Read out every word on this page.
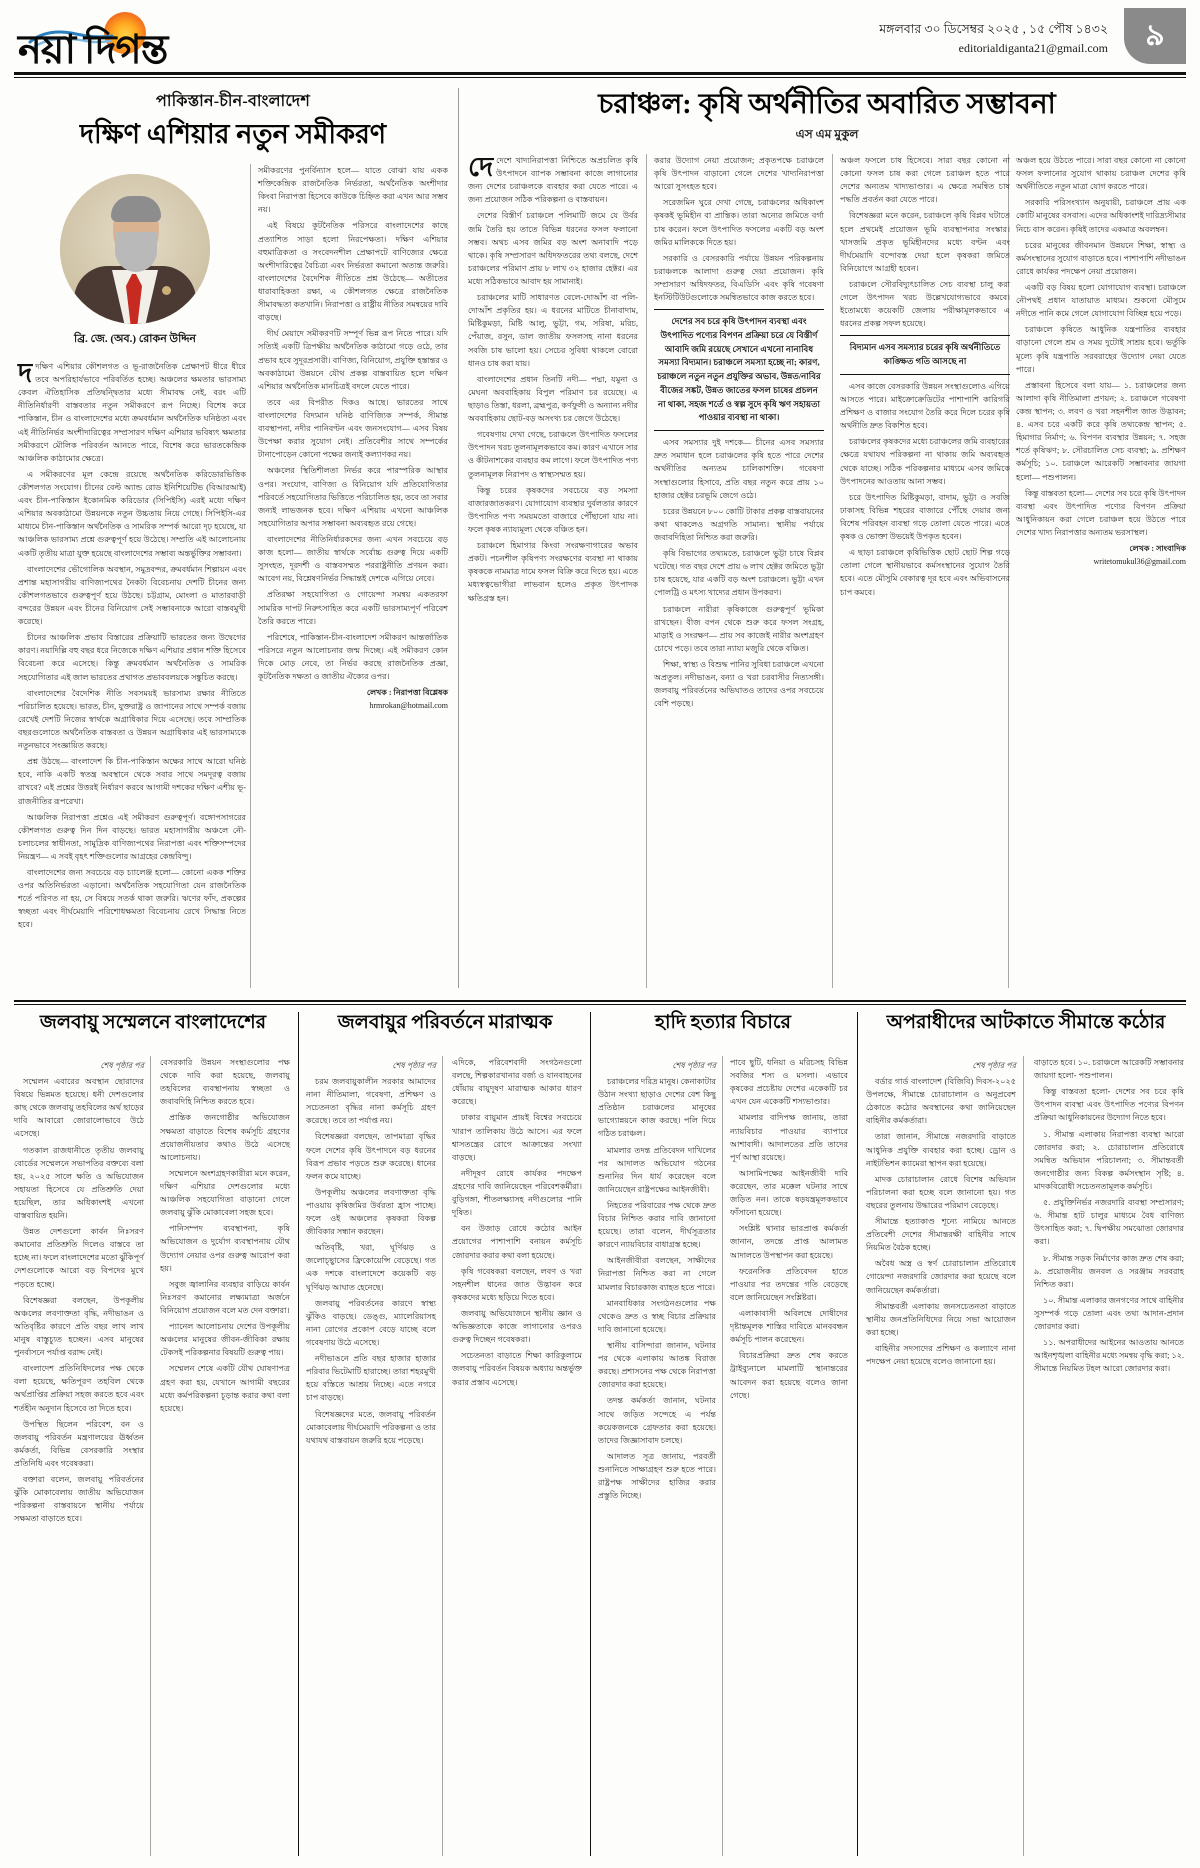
নয়া দিগন্ত	মঙ্গলবার ৩০ ডিসেম্বর ২০২৫ , ১৫ পৌষ ১৪৩২
editorialdiganta21@gmail.com	৯
পাকিস্তান-চীন-বাংলাদেশ
দক্ষিণ এশিয়ার নতুন সমীকরণ
ব্রি. জে. (অব.) রোকন উদ্দিন

দদক্ষিণ এশিয়ার কৌশলগত ও ভূ-রাজনৈতিক প্রেক্ষাপট ধীরে ধীরে তবে অপরিহার্যভাবে পরিবর্তিত হচ্ছে। অঞ্চলের ক্ষমতার ভারসাম্য কেবল ঐতিহাসিক প্রতিদ্বন্দ্বিতার মধ্যে সীমাবদ্ধ নেই, বরং এটি নীতিনির্ধারণী বাস্তবতার নতুন সমীকরণে রূপ নিচ্ছে। বিশেষ করে পাকিস্তান, চীন ও বাংলাদেশের মধ্যে ক্রমবর্ধমান অর্থনৈতিক ঘনিষ্ঠতা এবং এই নীতিনির্ভর অংশীদারিত্বের সম্প্রসারণ দক্ষিণ এশিয়ার ভবিষ্যৎ ক্ষমতার সমীকরণে মৌলিক পরিবর্তন আনতে পারে, বিশেষ করে ভারতকেন্দ্রিক আঞ্চলিক কাঠামোর ক্ষেত্রে।

এ সমীকরণের মূল কেন্দ্রে রয়েছে অর্থনৈতিক করিডোরভিত্তিক কৌশলগত সংযোগ। চীনের বেল্ট অ্যান্ড রোড ইনিশিয়েটিভ (বিআরআই) এবং চীন-পাকিস্তান ইকোনমিক করিডোর (সিপিইসি) এরই মধ্যে দক্ষিণ এশিয়ার অবকাঠামো উন্নয়নকে নতুন উচ্চতায় নিয়ে গেছে। সিপিইসি-এর মাধ্যমে চীন-পাকিস্তান অর্থনৈতিক ও সামরিক সম্পর্ক আরো দৃঢ় হয়েছে, যা আঞ্চলিক ভারসাম্য প্রশ্নে গুরুত্বপূর্ণ হয়ে উঠেছে। সম্প্রতি এই আলোচনায় একটি তৃতীয় মাত্রা যুক্ত হয়েছে বাংলাদেশের সম্ভাব্য অন্তর্ভুক্তির সম্ভাবনা।

বাংলাদেশের ভৌগোলিক অবস্থান, সমুদ্রবন্দর, ক্রমবর্ধমান শিল্পায়ন এবং প্রশান্ত মহাসাগরীয় বাণিজ্যপথের নৈকট্য বিবেচনায় দেশটি চীনের জন্য কৌশলগতভাবে গুরুত্বপূর্ণ হয়ে উঠছে। চট্টগ্রাম, মোংলা ও মাতারবাড়ী বন্দরের উন্নয়ন এবং চীনের বিনিয়োগ সেই সম্ভাবনাকে আরো বাস্তবমুখী করেছে।

চীনের আঞ্চলিক প্রভাব বিস্তারের প্রক্রিয়াটি ভারতের জন্য উদ্বেগের কারণ। নয়াদিল্লি বহু বছর ধরে নিজেকে দক্ষিণ এশিয়ার প্রধান শক্তি হিসেবে বিবেচনা করে এসেছে। কিন্তু ক্রমবর্ধমান অর্থনৈতিক ও সামরিক সহযোগিতার এই জাল ভারতের প্রথাগত প্রভাববলয়কে সঙ্কুচিত করছে।

বাংলাদেশের বৈদেশিক নীতি সবসময়ই ভারসাম্য রক্ষার নীতিতে পরিচালিত হয়েছে। ভারত, চীন, যুক্তরাষ্ট্র ও জাপানের সাথে সম্পর্ক বজায় রেখেই দেশটি নিজের স্বার্থকে অগ্রাধিকার দিয়ে এসেছে। তবে সাম্প্রতিক বছরগুলোতে অর্থনৈতিক বাস্তবতা ও উন্নয়ন অগ্রাধিকার এই ভারসাম্যকে নতুনভাবে সংজ্ঞায়িত করছে।

প্রশ্ন উঠছে— বাংলাদেশ কি চীন-পাকিস্তান অক্ষের সাথে আরো ঘনিষ্ঠ হবে, নাকি একটি স্বতন্ত্র অবস্থানে থেকে সবার সাথে সমদূরত্ব বজায় রাখবে? এই প্রশ্নের উত্তরই নির্ধারণ করবে আগামী দশকের দক্ষিণ এশীয় ভূ-রাজনীতির রূপরেখা।

আঞ্চলিক নিরাপত্তা প্রশ্নেও এই সমীকরণ গুরুত্বপূর্ণ। বঙ্গোপসাগরের কৌশলগত গুরুত্ব দিন দিন বাড়ছে। ভারত মহাসাগরীয় অঞ্চলে নৌ-চলাচলের স্বাধীনতা, সামুদ্রিক বাণিজ্যপথের নিরাপত্তা এবং শক্তিসম্পদের নিয়ন্ত্রণ— এ সবই বৃহৎ শক্তিগুলোর আগ্রহের কেন্দ্রবিন্দু।

বাংলাদেশের জন্য সবচেয়ে বড় চ্যালেঞ্জ হলো— কোনো একক শক্তির ওপর অতিনির্ভরতা এড়ানো। অর্থনৈতিক সহযোগিতা যেন রাজনৈতিক শর্তে পরিণত না হয়, সে বিষয়ে সতর্ক থাকা জরুরি। ঋণের ফাঁদ, প্রকল্পের স্বচ্ছতা এবং দীর্ঘমেয়াদি পরিশোধক্ষমতা বিবেচনায় রেখে সিদ্ধান্ত নিতে হবে।

সমীকরণের পুনর্বিন্যাস হলে— যাতে বোঝা যায় একক শক্তিকেন্দ্রিক রাজনৈতিক নির্ভরতা, অর্থনৈতিক অংশীদার কিংবা নিরাপত্তা হিসেবে কাউকে চিহ্নিত করা এখন আর সম্ভব নয়।

এই বিষয়ে কূটনৈতিক পরিসরে বাংলাদেশের কাছে প্রত্যাশিত সাড়া হলো নিরপেক্ষতা। দক্ষিণ এশিয়ার বহুমাত্রিকতা ও সংবেদনশীল প্রেক্ষাপটে বাণিজ্যের ক্ষেত্রে অংশীদারিত্বের বৈচিত্র্য এবং নির্ভরতা কমানো অত্যন্ত জরুরি। বাংলাদেশের বৈদেশিক নীতিতে প্রশ্ন উঠেছে— অতীতের ধারাবাহিকতা রক্ষা, এ কৌশলগত ক্ষেত্রে রাজনৈতিক সীমাবদ্ধতা কতখানি। নিরাপত্তা ও রাষ্ট্রীয় নীতির সমন্বয়ের দাবি বাড়ছে।

দীর্ঘ মেয়াদে সমীকরণটি সম্পূর্ণ ভিন্ন রূপ নিতে পারে। যদি সত্যিই একটি ত্রিপক্ষীয় অর্থনৈতিক কাঠামো গড়ে ওঠে, তার প্রভাব হবে সুদূরপ্রসারী। বাণিজ্য, বিনিয়োগ, প্রযুক্তি হস্তান্তর ও অবকাঠামো উন্নয়নে যৌথ প্রকল্প বাস্তবায়িত হলে দক্ষিণ এশিয়ার অর্থনৈতিক মানচিত্রই বদলে যেতে পারে।

তবে এর বিপরীত দিকও আছে। ভারতের সাথে বাংলাদেশের বিদ্যমান ঘনিষ্ঠ বাণিজ্যিক সম্পর্ক, সীমান্ত ব্যবস্থাপনা, নদীর পানিবণ্টন এবং জনসংযোগ— এসব বিষয় উপেক্ষা করার সুযোগ নেই। প্রতিবেশীর সাথে সম্পর্কের টানাপোড়েন কোনো পক্ষের জন্যই কল্যাণকর নয়।

অঞ্চলের স্থিতিশীলতা নির্ভর করে পারস্পরিক আস্থার ওপর। সংযোগ, বাণিজ্য ও বিনিয়োগ যদি প্রতিযোগিতার পরিবর্তে সহযোগিতার ভিত্তিতে পরিচালিত হয়, তবে তা সবার জন্যই লাভজনক হবে। দক্ষিণ এশিয়ায় এখনো আঞ্চলিক সহযোগিতার অপার সম্ভাবনা অব্যবহৃত রয়ে গেছে।

বাংলাদেশের নীতিনির্ধারকদের জন্য এখন সবচেয়ে বড় কাজ হলো— জাতীয় স্বার্থকে সর্বোচ্চ গুরুত্ব দিয়ে একটি সুসংহত, দূরদর্শী ও বাস্তবসম্মত পররাষ্ট্রনীতি প্রণয়ন করা। আবেগ নয়, বিশ্লেষণনির্ভর সিদ্ধান্তই দেশকে এগিয়ে নেবে।

প্রতিরক্ষা সহযোগিতা ও গোয়েন্দা সমন্বয় একতরফা সামরিক দাপট নিরুৎসাহিত করে একটি ভারসাম্যপূর্ণ পরিবেশ তৈরি করতে পারে।

পরিশেষে, পাকিস্তান-চীন-বাংলাদেশ সমীকরণ আন্তর্জাতিক পরিসরে নতুন আলোচনার জন্ম দিচ্ছে। এই সমীকরণ কোন দিকে মোড় নেবে, তা নির্ভর করছে রাজনৈতিক প্রজ্ঞা, কূটনৈতিক দক্ষতা ও জাতীয় ঐক্যের ওপর।

লেখক : নিরাপত্তা বিশ্লেষক
hrmrokan@hotmail.com
চরাঞ্চল: কৃষি অর্থনীতির অবারিত সম্ভাবনা
এস এম মুকুল

দেদেশে খাদ্যনিরাপত্তা নিশ্চিতে অপ্রচলিত কৃষি উৎপাদনে ব্যাপক সম্ভাবনা কাজে লাগানোর জন্য দেশের চরাঞ্চলকে ব্যবহার করা যেতে পারে। এ জন্য প্রয়োজন সঠিক পরিকল্পনা ও বাস্তবায়ন।

দেশের বিস্তীর্ণ চরাঞ্চলে পলিমাটি জমে যে উর্বর জমি তৈরি হয় তাতে বিভিন্ন ধরনের ফসল ফলানো সম্ভব। অথচ এসব জমির বড় অংশ অনাবাদি পড়ে থাকে। কৃষি সম্প্রসারণ অধিদফতরের তথ্য বলছে, দেশে চরাঞ্চলের পরিমাণ প্রায় ৮ লাখ ৩২ হাজার হেক্টর। এর মধ্যে সঠিকভাবে আবাদ হয় সামান্যই।

চরাঞ্চলের মাটি সাধারণত বেলে-দোআঁশ বা পলি-দোআঁশ প্রকৃতির হয়। এ ধরনের মাটিতে চীনাবাদাম, মিষ্টিকুমড়া, মিষ্টি আলু, ভুট্টা, গম, সরিষা, মরিচ, পেঁয়াজ, রসুন, ডাল জাতীয় ফসলসহ নানা ধরনের সবজি চাষ ভালো হয়। সেচের সুবিধা থাকলে বোরো ধানও চাষ করা যায়।

বাংলাদেশের প্রধান তিনটি নদী— পদ্মা, যমুনা ও মেঘনা অববাহিকায় বিপুল পরিমাণ চর রয়েছে। এ ছাড়াও তিস্তা, ধরলা, ব্রহ্মপুত্র, কর্ণফুলী ও অন্যান্য নদীর অববাহিকায় ছোট-বড় অসংখ্য চর জেগে উঠেছে।

গবেষণায় দেখা গেছে, চরাঞ্চলে উৎপাদিত ফসলের উৎপাদন খরচ তুলনামূলকভাবে কম। কারণ এখানে সার ও কীটনাশকের ব্যবহার কম লাগে। ফলে উৎপাদিত পণ্য তুলনামূলক নিরাপদ ও স্বাস্থ্যসম্মত হয়।

কিন্তু চরের কৃষকদের সবচেয়ে বড় সমস্যা বাজারজাতকরণ। যোগাযোগ ব্যবস্থার দুর্বলতার কারণে উৎপাদিত পণ্য সময়মতো বাজারে পৌঁছানো যায় না। ফলে কৃষক ন্যায্যমূল্য থেকে বঞ্চিত হন।

চরাঞ্চলে হিমাগার কিংবা সংরক্ষণাগারের অভাব প্রকট। পচনশীল কৃষিপণ্য সংরক্ষণের ব্যবস্থা না থাকায় কৃষককে নামমাত্র দামে ফসল বিক্রি করে দিতে হয়। এতে মধ্যস্বত্বভোগীরা লাভবান হলেও প্রকৃত উৎপাদক ক্ষতিগ্রস্ত হন।

করার উদ্যোগ নেয়া প্রয়োজন; প্রকৃতপক্ষে চরাঞ্চলে কৃষি উৎপাদন বাড়ানো গেলে দেশের খাদ্যনিরাপত্তা আরো সুসংহত হবে।

সরেজমিন ঘুরে দেখা গেছে, চরাঞ্চলের অধিকাংশ কৃষকই ভূমিহীন বা প্রান্তিক। তারা অন্যের জমিতে বর্গা চাষ করেন। ফলে উৎপাদিত ফসলের একটি বড় অংশ জমির মালিককে দিতে হয়।

সরকারি ও বেসরকারি পর্যায়ে উন্নয়ন পরিকল্পনায় চরাঞ্চলকে আলাদা গুরুত্ব দেয়া প্রয়োজন। কৃষি সম্প্রসারণ অধিদফতর, বিএডিসি এবং কৃষি গবেষণা ইনস্টিটিউটগুলোকে সমন্বিতভাবে কাজ করতে হবে।

দেশের সব চরে কৃষি উৎপাদন ব্যবস্থা এবং উৎপাদিত পণ্যের বিপণন প্রক্রিয়া চরে যে বিস্তীর্ণ আবাদি জমি রয়েছে সেখানে এখনো নানাবিধ সমস্যা বিদ্যমান। চরাঞ্চলে সমস্যা হচ্ছে না; কারণ, চরাঞ্চলে নতুন নতুন প্রযুক্তির অভাব, উন্নত/নাবির বীজের সঙ্কট, উন্নত জাতের ফসল চাষের প্রচলন না থাকা, সহজ শর্তে ও স্বল্প সুদে কৃষি ঋণ সহায়তা পাওয়ার ব্যবস্থা না থাকা।

এসব সমস্যার দুই দশকে— চীনের এসব সমস্যার দ্রুত সমাধান হলে চরাঞ্চলের কৃষি হতে পারে দেশের অর্থনীতির অন্যতম চালিকাশক্তি। গবেষণা সংস্থাগুলোর হিসাবে, প্রতি বছর নতুন করে প্রায় ১০ হাজার হেক্টর চরভূমি জেগে ওঠে।

চরের উন্নয়নে ৮০০ কোটি টাকার প্রকল্প বাস্তবায়নের কথা থাকলেও অগ্রগতি সামান্য। স্থানীয় পর্যায়ে জবাবদিহিতা নিশ্চিত করা জরুরি।

কৃষি বিভাগের তথ্যমতে, চরাঞ্চলে ভুট্টা চাষে বিপ্লব ঘটেছে। গত বছর দেশে প্রায় ৬ লাখ হেক্টর জমিতে ভুট্টা চাষ হয়েছে, যার একটি বড় অংশ চরাঞ্চলে। ভুট্টা এখন পোলট্রি ও মৎস্য খাদ্যের প্রধান উপকরণ।

চরাঞ্চলে নারীরা কৃষিকাজে গুরুত্বপূর্ণ ভূমিকা রাখছেন। বীজ বপন থেকে শুরু করে ফসল সংগ্রহ, মাড়াই ও সংরক্ষণ— প্রায় সব কাজেই নারীর অংশগ্রহণ চোখে পড়ে। তবে তারা ন্যায্য মজুরি থেকে বঞ্চিত।

শিক্ষা, স্বাস্থ্য ও বিশুদ্ধ পানির সুবিধা চরাঞ্চলে এখনো অপ্রতুল। নদীভাঙন, বন্যা ও খরা চরবাসীর নিত্যসঙ্গী। জলবায়ু পরিবর্তনের অভিঘাতও তাদের ওপর সবচেয়ে বেশি পড়ছে।

অঞ্চল ফসলে চাষ হিসেবে। সারা বছর কোনো না কোনো ফসল চাষ করা গেলে চরাঞ্চল হতে পারে দেশের অন্যতম খাদ্যভাণ্ডার। এ ক্ষেত্রে সমন্বিত চাষ পদ্ধতি প্রবর্তন করা যেতে পারে।

বিশেষজ্ঞরা মনে করেন, চরাঞ্চলে কৃষি বিপ্লব ঘটাতে হলে প্রথমেই প্রয়োজন ভূমি ব্যবস্থাপনার সংস্কার। খাসজমি প্রকৃত ভূমিহীনদের মধ্যে বণ্টন এবং দীর্ঘমেয়াদি বন্দোবস্ত দেয়া হলে কৃষকরা জমিতে বিনিয়োগে আগ্রহী হবেন।

চরাঞ্চলে সৌরবিদ্যুৎচালিত সেচ ব্যবস্থা চালু করা গেলে উৎপাদন খরচ উল্লেখযোগ্যভাবে কমবে। ইতোমধ্যে কয়েকটি জেলায় পরীক্ষামূলকভাবে এ ধরনের প্রকল্প সফল হয়েছে।

বিদ্যমান এসব সমস্যার চরের কৃষি অর্থনীতিতে কাঙ্ক্ষিত গতি আসছে না

এসব কাজে বেসরকারি উন্নয়ন সংস্থাগুলোও এগিয়ে আসতে পারে। মাইক্রোক্রেডিটের পাশাপাশি কারিগরি প্রশিক্ষণ ও বাজার সংযোগ তৈরি করে দিলে চরের কৃষি অর্থনীতি দ্রুত বিকশিত হবে।

চরাঞ্চলের কৃষকদের মধ্যে চরাঞ্চলের জমি ব্যবহারের ক্ষেত্রে যথাযথ পরিকল্পনা না থাকায় জমি অব্যবহৃত থেকে যাচ্ছে। সঠিক পরিকল্পনার মাধ্যমে এসব জমিকে উৎপাদনের আওতায় আনা সম্ভব।

চরে উৎপাদিত মিষ্টিকুমড়া, বাদাম, ভুট্টা ও সবজি ঢাকাসহ বিভিন্ন শহরের বাজারে পৌঁছে দেয়ার জন্য বিশেষ পরিবহন ব্যবস্থা গড়ে তোলা যেতে পারে। এতে কৃষক ও ভোক্তা উভয়েই উপকৃত হবেন।

এ ছাড়া চরাঞ্চলে কৃষিভিত্তিক ছোট ছোট শিল্প গড়ে তোলা গেলে স্থানীয়ভাবে কর্মসংস্থানের সুযোগ তৈরি হবে। এতে মৌসুমি বেকারত্ব দূর হবে এবং অভিবাসনের চাপ কমবে।

অঞ্চল হয়ে উঠতে পারে। সারা বছর কোনো না কোনো ফসল ফলানোর সুযোগ থাকায় চরাঞ্চল দেশের কৃষি অর্থনীতিতে নতুন মাত্রা যোগ করতে পারে।

সরকারি পরিসংখ্যান অনুযায়ী, চরাঞ্চলে প্রায় এক কোটি মানুষের বসবাস। এদের অধিকাংশই দারিদ্র্যসীমার নিচে বাস করেন। কৃষিই তাদের একমাত্র অবলম্বন।

চরের মানুষের জীবনমান উন্নয়নে শিক্ষা, স্বাস্থ্য ও কর্মসংস্থানের সুযোগ বাড়াতে হবে। পাশাপাশি নদীভাঙন রোধে কার্যকর পদক্ষেপ নেয়া প্রয়োজন।

একটি বড় বিষয় হলো যোগাযোগ ব্যবস্থা। চরাঞ্চলে নৌপথই প্রধান যাতায়াত মাধ্যম। শুকনো মৌসুমে নদীতে পানি কমে গেলে যোগাযোগ বিচ্ছিন্ন হয়ে পড়ে।

চরাঞ্চলে কৃষিতে আধুনিক যন্ত্রপাতির ব্যবহার বাড়ানো গেলে শ্রম ও সময় দুটোই সাশ্রয় হবে। ভর্তুকি মূল্যে কৃষি যন্ত্রপাতি সরবরাহের উদ্যোগ নেয়া যেতে পারে।

প্রস্তাবনা হিসেবে বলা যায়— ১. চরাঞ্চলের জন্য আলাদা কৃষি নীতিমালা প্রণয়ন; ২. চরাঞ্চলে গবেষণা কেন্দ্র স্থাপন; ৩. লবণ ও খরা সহনশীল জাত উদ্ভাবন; ৪. এসব চরে একটি করে কৃষি তথ্যকেন্দ্র স্থাপন; ৫. হিমাগার নির্মাণ; ৬. বিপণন ব্যবস্থার উন্নয়ন; ৭. সহজ শর্তে কৃষিঋণ; ৮. সৌরচালিত সেচ ব্যবস্থা; ৯. প্রশিক্ষণ কর্মসূচি; ১০. চরাঞ্চলে আরেকটি সম্ভাবনার জায়গা হলো— পশুপালন।

কিন্তু বাস্তবতা হলো— দেশের সব চরে কৃষি উৎপাদন ব্যবস্থা এবং উৎপাদিত পণ্যের বিপণন প্রক্রিয়া আধুনিকায়ন করা গেলে চরাঞ্চল হয়ে উঠতে পারে দেশের খাদ্য নিরাপত্তার অন্যতম ভরসাস্থল।

লেখক : সাংবাদিক
writetomukul36@gmail.com
জলবায়ু সম্মেলনে বাংলাদেশের
শেষ পৃষ্ঠার পর

সম্মেলন এবারের অবস্থান ছোরাদের বিষয়ে ভিন্নমত হয়েছে। ধনী দেশগুলোর কাছ থেকে জলবায়ু তহবিলের অর্থ ছাড়ের দাবি আবারো জোরালোভাবে উঠে এসেছে।

গতকাল রাজধানীতে তৃতীয় জলবায়ু বোর্ডের সম্মেলনে সভাপতির বক্তব্যে বলা হয়, ২০২৫ সালে ক্ষতি ও অভিযোজন সহায়তা হিসেবে যে প্রতিশ্রুতি দেয়া হয়েছিল, তার অধিকাংশই এখনো বাস্তবায়িত হয়নি।

উন্নত দেশগুলো কার্বন নিঃসরণ কমানোর প্রতিশ্রুতি দিলেও বাস্তবে তা হচ্ছে না। ফলে বাংলাদেশের মতো ঝুঁকিপূর্ণ দেশগুলোকে আরো বড় বিপদের মুখে পড়তে হচ্ছে।

বিশেষজ্ঞরা বলছেন, উপকূলীয় অঞ্চলের লবণাক্ততা বৃদ্ধি, নদীভাঙন ও অতিবৃষ্টির কারণে প্রতি বছর লাখ লাখ মানুষ বাস্তুচ্যুত হচ্ছেন। এসব মানুষের পুনর্বাসনে পর্যাপ্ত বরাদ্দ নেই।

বাংলাদেশ প্রতিনিধিদলের পক্ষ থেকে বলা হয়েছে, ক্ষতিপূরণ তহবিল থেকে অর্থপ্রাপ্তির প্রক্রিয়া সহজ করতে হবে এবং শর্তহীন অনুদান হিসেবে তা দিতে হবে।

উপস্থিত ছিলেন পরিবেশ, বন ও জলবায়ু পরিবর্তন মন্ত্রণালয়ের ঊর্ধ্বতন কর্মকর্তা, বিভিন্ন বেসরকারি সংস্থার প্রতিনিধি এবং গবেষকরা।

বক্তারা বলেন, জলবায়ু পরিবর্তনের ঝুঁকি মোকাবেলায় জাতীয় অভিযোজন পরিকল্পনা বাস্তবায়নে স্থানীয় পর্যায়ে সক্ষমতা বাড়াতে হবে।

বেসরকারি উন্নয়ন সংস্থাগুলোর পক্ষ থেকে দাবি করা হয়েছে, জলবায়ু তহবিলের ব্যবস্থাপনায় স্বচ্ছতা ও জবাবদিহি নিশ্চিত করতে হবে।

প্রান্তিক জনগোষ্ঠীর অভিযোজন সক্ষমতা বাড়াতে বিশেষ কর্মসূচি গ্রহণের প্রয়োজনীয়তার কথাও উঠে এসেছে আলোচনায়।

সম্মেলনে অংশগ্রহণকারীরা মনে করেন, দক্ষিণ এশিয়ার দেশগুলোর মধ্যে আঞ্চলিক সহযোগিতা বাড়ানো গেলে জলবায়ু ঝুঁকি মোকাবেলা সহজ হবে।

পানিসম্পদ ব্যবস্থাপনা, কৃষি অভিযোজন ও দুর্যোগ ব্যবস্থাপনায় যৌথ উদ্যোগ নেয়ার ওপর গুরুত্ব আরোপ করা হয়।

সবুজ জ্বালানির ব্যবহার বাড়িয়ে কার্বন নিঃসরণ কমানোর লক্ষ্যমাত্রা অর্জনে বিনিয়োগ প্রয়োজন বলে মত দেন বক্তারা।

প্যানেল আলোচনায় দেশের উপকূলীয় অঞ্চলের মানুষের জীবন-জীবিকা রক্ষায় টেকসই পরিকল্পনার বিষয়টি গুরুত্ব পায়।

সম্মেলন শেষে একটি যৌথ ঘোষণাপত্র গ্রহণ করা হয়, যেখানে আগামী বছরের মধ্যে কর্মপরিকল্পনা চূড়ান্ত করার কথা বলা হয়েছে।

জলবায়ুর পরিবর্তনে মারাত্মক
শেষ পৃষ্ঠার পর

চরম জলবায়ুকালীন সরকার আমাদের নানা নীতিমালা, গবেষণা, প্রশিক্ষণ ও সচেতনতা বৃদ্ধির নানা কর্মসূচি গ্রহণ করেছে। তবে তা পর্যাপ্ত নয়।

বিশেষজ্ঞরা বলছেন, তাপমাত্রা বৃদ্ধির ফলে দেশের কৃষি উৎপাদনে বড় ধরনের বিরূপ প্রভাব পড়তে শুরু করেছে। ধানের ফলন কমে যাচ্ছে।

উপকূলীয় অঞ্চলের লবণাক্ততা বৃদ্ধি পাওয়ায় কৃষিজমির উর্বরতা হ্রাস পাচ্ছে। ফলে ওই অঞ্চলের কৃষকরা বিকল্প জীবিকার সন্ধান করছেন।

অতিবৃষ্টি, খরা, ঘূর্ণিঝড় ও জলোচ্ছ্বাসের ফ্রিকোয়েন্সি বেড়েছে। গত এক দশকে বাংলাদেশে কয়েকটি বড় ঘূর্ণিঝড় আঘাত হেনেছে।

জলবায়ু পরিবর্তনের কারণে স্বাস্থ্য ঝুঁকিও বাড়ছে। ডেঙ্গু, ম্যালেরিয়াসহ নানা রোগের প্রকোপ বেড়ে যাচ্ছে বলে গবেষণায় উঠে এসেছে।

নদীভাঙনে প্রতি বছর হাজার হাজার পরিবার ভিটেমাটি হারাচ্ছে। তারা শহরমুখী হয়ে বস্তিতে আশ্রয় নিচ্ছে। এতে নগরে চাপ বাড়ছে।

বিশেষজ্ঞদের মতে, জলবায়ু পরিবর্তন মোকাবেলায় দীর্ঘমেয়াদি পরিকল্পনা ও তার যথাযথ বাস্তবায়ন জরুরি হয়ে পড়েছে।

এদিকে, পরিবেশবাদী সংগঠনগুলো বলছে, শিল্পকারখানার বর্জ্য ও যানবাহনের ধোঁয়ায় বায়ুদূষণ মারাত্মক আকার ধারণ করেছে।

ঢাকার বায়ুমান প্রায়ই বিশ্বের সবচেয়ে খারাপ তালিকায় উঠে আসে। এর ফলে শ্বাসতন্ত্রের রোগে আক্রান্তের সংখ্যা বাড়ছে।

নদীদূষণ রোধে কার্যকর পদক্ষেপ গ্রহণের দাবি জানিয়েছেন পরিবেশকর্মীরা। বুড়িগঙ্গা, শীতলক্ষ্যাসহ নদীগুলোর পানি দূষিত।

বন উজাড় রোধে কঠোর আইন প্রয়োগের পাশাপাশি বনায়ন কর্মসূচি জোরদার করার কথা বলা হয়েছে।

কৃষি গবেষকরা বলছেন, লবণ ও খরা সহনশীল ধানের জাত উদ্ভাবন করে কৃষকদের মধ্যে ছড়িয়ে দিতে হবে।

জলবায়ু অভিযোজনে স্থানীয় জ্ঞান ও অভিজ্ঞতাকে কাজে লাগানোর ওপরও গুরুত্ব দিচ্ছেন গবেষকরা।

সচেতনতা বাড়াতে শিক্ষা কারিকুলামে জলবায়ু পরিবর্তন বিষয়ক অধ্যায় অন্তর্ভুক্ত করার প্রস্তাব এসেছে।

হাদি হত্যার বিচারে
শেষ পৃষ্ঠার পর

চরাঞ্চলের দরিদ্র মানুষ। কেনাকাটার উঠান সংখ্যা ছাড়াও দেশের বেশ কিছু প্রতিষ্ঠান চরাঞ্চলের মানুষের ভাগ্যোন্নয়নে কাজ করছে। পলি দিয়ে গঠিত চরাঞ্চল।

মামলার তদন্ত প্রতিবেদন দাখিলের পর আদালত অভিযোগ গঠনের শুনানির দিন ধার্য করেছেন বলে জানিয়েছেন রাষ্ট্রপক্ষের আইনজীবী।

নিহতের পরিবারের পক্ষ থেকে দ্রুত বিচার নিশ্চিত করার দাবি জানানো হয়েছে। তারা বলেন, দীর্ঘসূত্রতার কারণে ন্যায়বিচার বাধাগ্রস্ত হচ্ছে।

আইনজীবীরা বলছেন, সাক্ষীদের নিরাপত্তা নিশ্চিত করা না গেলে মামলার বিচারকাজ ব্যাহত হতে পারে।

মানবাধিকার সংগঠনগুলোর পক্ষ থেকেও দ্রুত ও স্বচ্ছ বিচার প্রক্রিয়ার দাবি জানানো হয়েছে।

স্থানীয় বাসিন্দারা জানান, ঘটনার পর থেকে এলাকায় আতঙ্ক বিরাজ করছে। প্রশাসনের পক্ষ থেকে নিরাপত্তা জোরদার করা হয়েছে।

তদন্ত কর্মকর্তা জানান, ঘটনার সাথে জড়িত সন্দেহে এ পর্যন্ত কয়েকজনকে গ্রেফতার করা হয়েছে। তাদের জিজ্ঞাসাবাদ চলছে।

আদালত সূত্র জানায়, পরবর্তী শুনানিতে সাক্ষ্যগ্রহণ শুরু হতে পারে। রাষ্ট্রপক্ষ সাক্ষীদের হাজির করার প্রস্তুতি নিচ্ছে।

পাবে ছুটি, ধনিয়া ও মরিচসহ বিভিন্ন সবজির শস্য ও মসলা। এভাবে কৃষকের প্রচেষ্টায় দেশের একেকটি চর এখন যেন একেকটি শস্যভাণ্ডার।

মামলার বাদিপক্ষ জানায়, তারা ন্যায়বিচার পাওয়ার ব্যাপারে আশাবাদী। আদালতের প্রতি তাদের পূর্ণ আস্থা রয়েছে।

আসামিপক্ষের আইনজীবী দাবি করেছেন, তার মক্কেল ঘটনার সাথে জড়িত নন। তাকে ষড়যন্ত্রমূলকভাবে ফাঁসানো হয়েছে।

সংশ্লিষ্ট থানার ভারপ্রাপ্ত কর্মকর্তা জানান, তদন্তে প্রাপ্ত আলামত আদালতে উপস্থাপন করা হয়েছে।

ফরেনসিক প্রতিবেদন হাতে পাওয়ার পর তদন্তের গতি বেড়েছে বলে জানিয়েছেন সংশ্লিষ্টরা।

এলাকাবাসী অবিলম্বে দোষীদের দৃষ্টান্তমূলক শাস্তির দাবিতে মানববন্ধন কর্মসূচি পালন করেছেন।

বিচারপ্রক্রিয়া দ্রুত শেষ করতে ট্রাইব্যুনালে মামলাটি স্থানান্তরের আবেদন করা হয়েছে বলেও জানা গেছে।

অপরাধীদের আটকাতে সীমান্তে কঠোর
শেষ পৃষ্ঠার পর

বর্ডার গার্ড বাংলাদেশ (বিজিবি) দিবস-২০২৫ উপলক্ষে, সীমান্তে চোরাচালান ও অনুপ্রবেশ ঠেকাতে কঠোর অবস্থানের কথা জানিয়েছেন বাহিনীর কর্মকর্তারা।

তারা জানান, সীমান্তে নজরদারি বাড়াতে আধুনিক প্রযুক্তি ব্যবহার করা হচ্ছে। ড্রোন ও নাইটভিশন ক্যামেরা স্থাপন করা হয়েছে।

মাদক চোরাচালান রোধে বিশেষ অভিযান পরিচালনা করা হচ্ছে বলে জানানো হয়। গত বছরের তুলনায় উদ্ধারের পরিমাণ বেড়েছে।

সীমান্তে হত্যাকাণ্ড শূন্যে নামিয়ে আনতে প্রতিবেশী দেশের সীমান্তরক্ষী বাহিনীর সাথে নিয়মিত বৈঠক হচ্ছে।

অবৈধ অস্ত্র ও স্বর্ণ চোরাচালান প্রতিরোধে গোয়েন্দা নজরদারি জোরদার করা হয়েছে বলে জানিয়েছেন কর্মকর্তারা।

সীমান্তবর্তী এলাকায় জনসচেতনতা বাড়াতে স্থানীয় জনপ্রতিনিধিদের নিয়ে সভা আয়োজন করা হচ্ছে।

বাহিনীর সদস্যদের প্রশিক্ষণ ও কল্যাণে নানা পদক্ষেপ নেয়া হয়েছে বলেও জানানো হয়।

বাড়াতে হবে। ১০. চরাঞ্চলে আরেকটি সম্ভাবনার জায়গা হলো- পশুপালন।

কিন্তু বাস্তবতা হলো- দেশের সব চরে কৃষি উৎপাদন ব্যবস্থা এবং উৎপাদিত পণ্যের বিপণন প্রক্রিয়া আধুনিকায়নের উদ্যোগ নিতে হবে।

১. সীমান্ত এলাকায় নিরাপত্তা ব্যবস্থা আরো জোরদার করা; ২. চোরাচালান প্রতিরোধে সমন্বিত অভিযান পরিচালনা; ৩. সীমান্তবর্তী জনগোষ্ঠীর জন্য বিকল্প কর্মসংস্থান সৃষ্টি; ৪. মাদকবিরোধী সচেতনতামূলক কর্মসূচি।

৫. প্রযুক্তিনির্ভর নজরদারি ব্যবস্থা সম্প্রসারণ; ৬. সীমান্ত হাট চালুর মাধ্যমে বৈধ বাণিজ্য উৎসাহিত করা; ৭. দ্বিপক্ষীয় সমঝোতা জোরদার করা।

৮. সীমান্ত সড়ক নির্মাণের কাজ দ্রুত শেষ করা; ৯. প্রয়োজনীয় জনবল ও সরঞ্জাম সরবরাহ নিশ্চিত করা।

১০. সীমান্ত এলাকার জনগণের সাথে বাহিনীর সুসম্পর্ক গড়ে তোলা এবং তথ্য আদান-প্রদান জোরদার করা।

১১. অপরাধীদের আইনের আওতায় আনতে আইনশৃঙ্খলা বাহিনীর মধ্যে সমন্বয় বৃদ্ধি করা; ১২. সীমান্তে নিয়মিত টহল আরো জোরদার করা।
